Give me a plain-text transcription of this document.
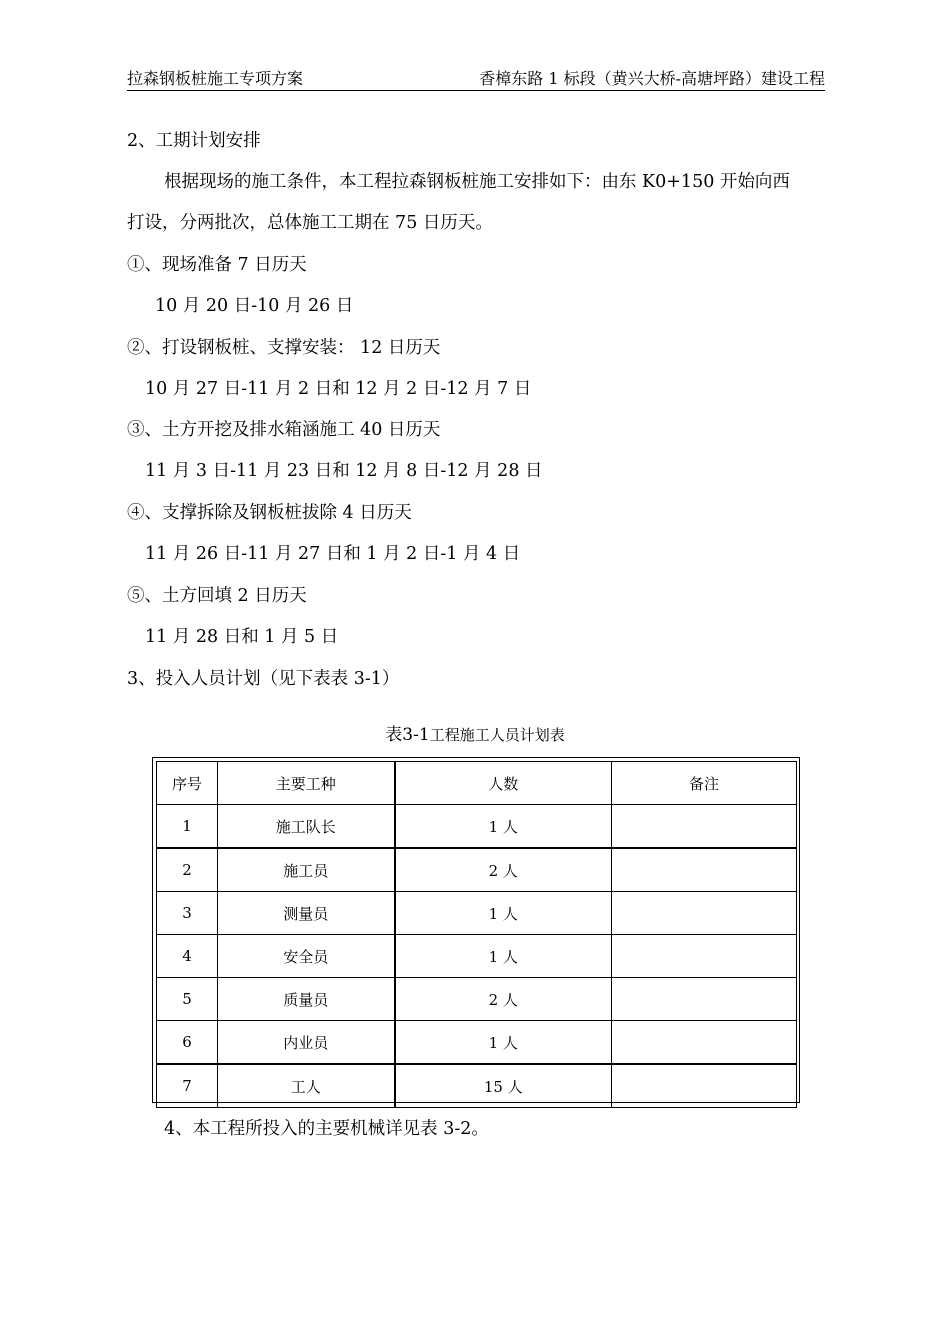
拉森钢板桩施工专项方案	香樟东路 1 标段（黄兴大桥-高塘坪路）建设工程
2、工期计划安排
根据现场的施工条件，本工程拉森钢板桩施工安排如下：由东 K0+150 开始向西
打设，分两批次，总体施工工期在 75 日历天。
①、现场准备 7 日历天
10 月 20 日-10 月 26 日
②、打设钢板桩、支撑安装： 12 日历天
10 月 27 日-11 月 2 日和 12 月 2 日-12 月 7 日
③、土方开挖及排水箱涵施工 40 日历天
11 月 3 日-11 月 23 日和 12 月 8 日-12 月 28 日
④、支撑拆除及钢板桩拔除 4 日历天
11 月 26 日-11 月 27 日和 1 月 2 日-1 月 4 日
⑤、土方回填 2 日历天
11 月 28 日和 1 月 5 日
3、投入人员计划（见下表表 3-1）
表3-1工程施工人员计划表
序号	主要工种	人数	备注
1	施工队长	1 人	
2	施工员	2 人	
3	测量员	1 人	
4	安全员	1 人	
5	质量员	2 人	
6	内业员	1 人	
7	工人	15 人	
4、本工程所投入的主要机械详见表 3-2。
